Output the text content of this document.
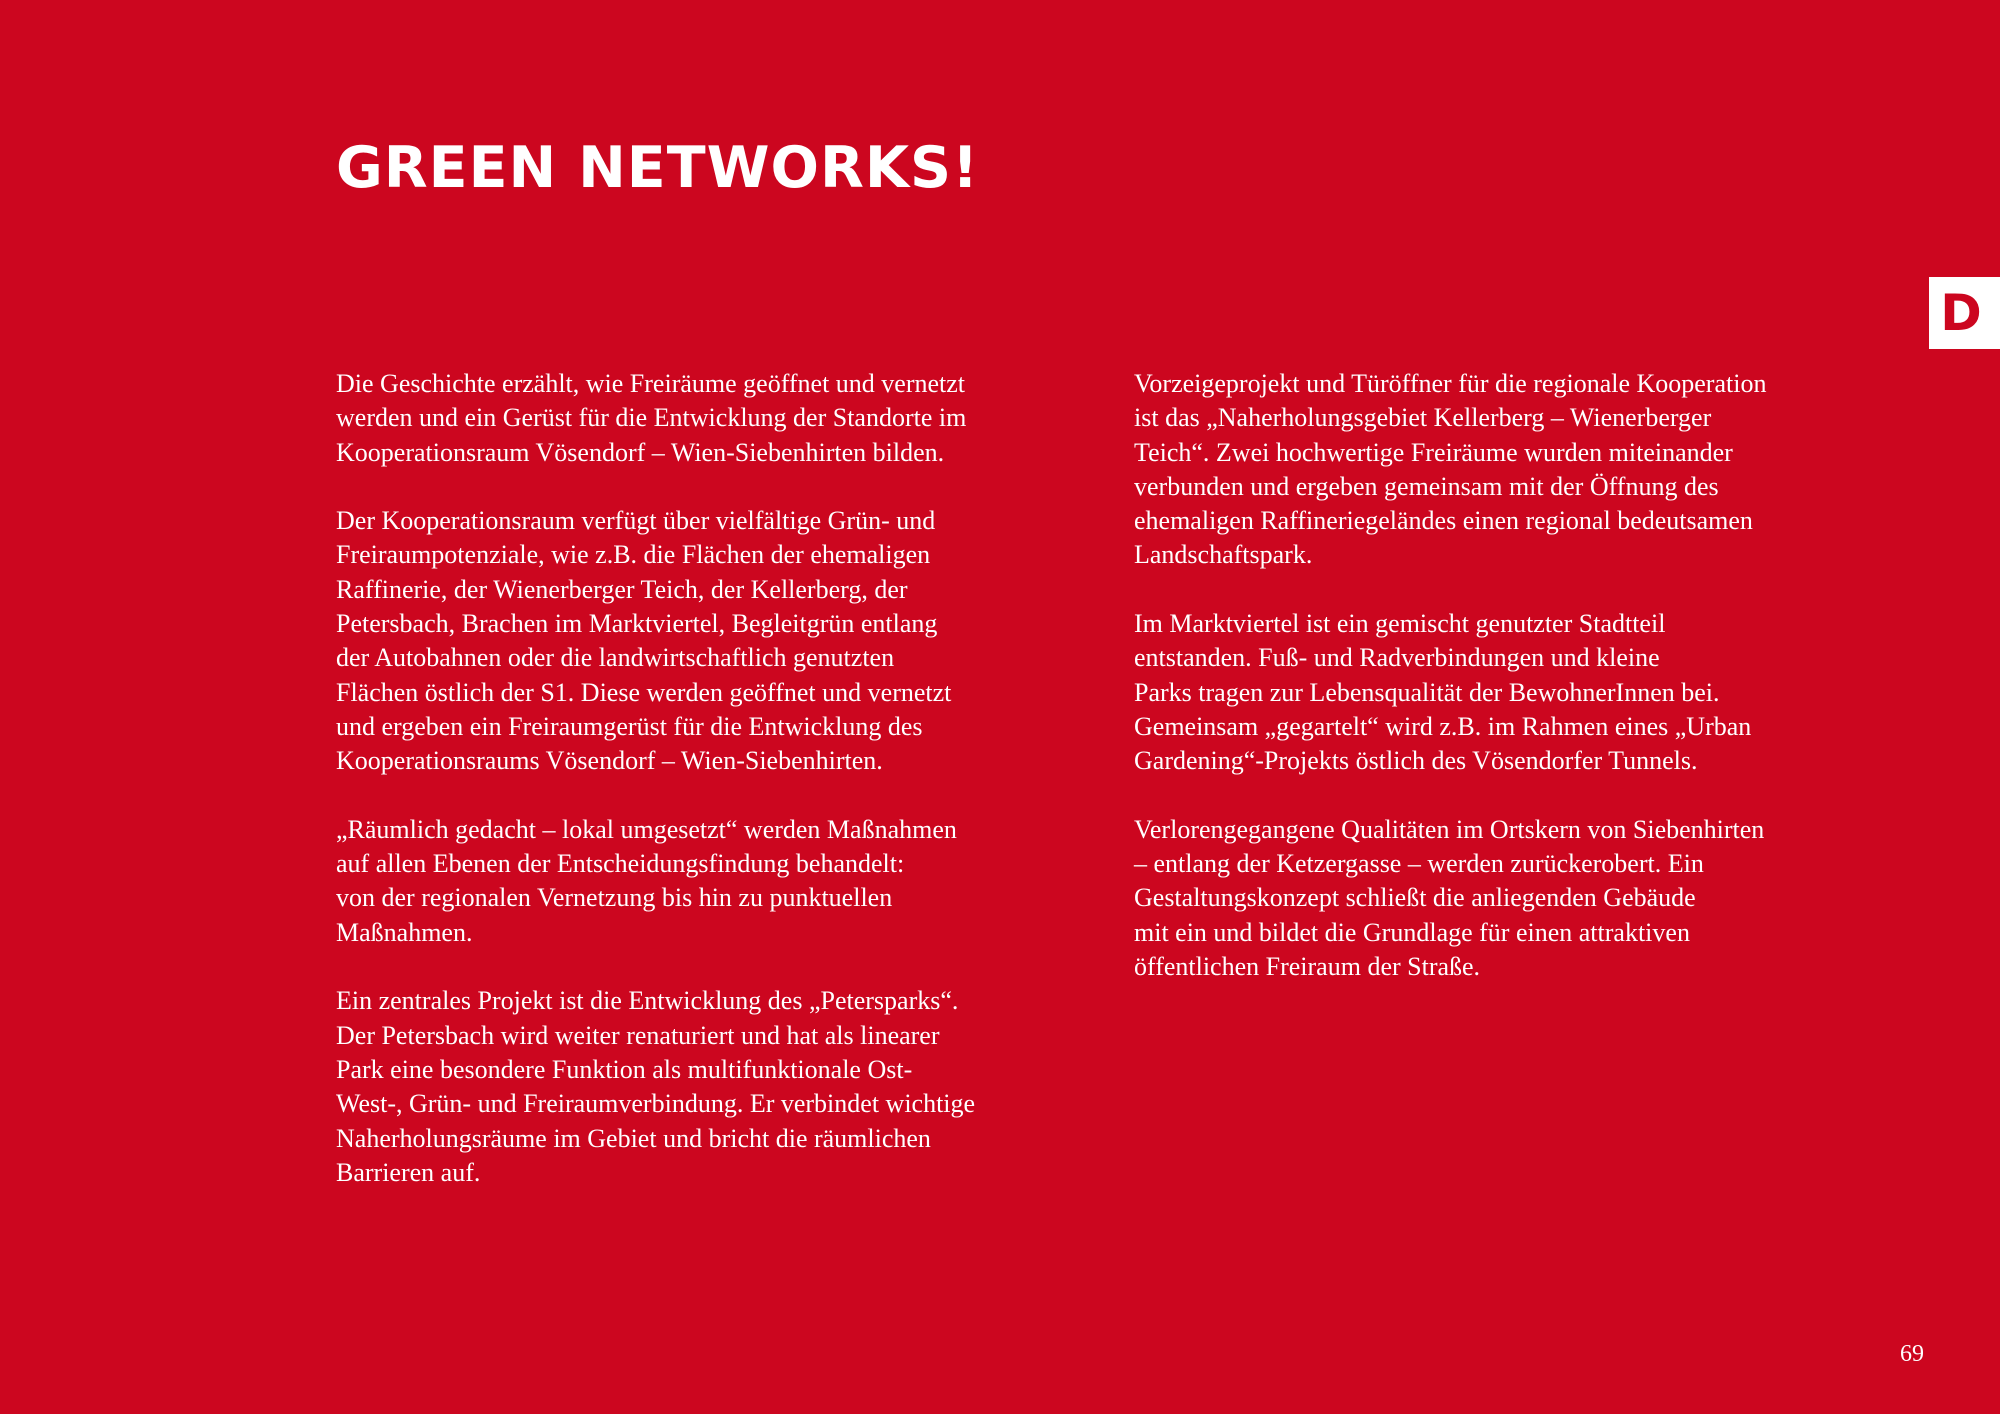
GREEN NETWORKS!
D

Die Geschichte erzählt, wie Freiräume geöffnet und vernetzt
werden und ein Gerüst für die Entwicklung der Standorte im
Kooperationsraum Vösendorf – Wien-Siebenhirten bilden.

Der Kooperationsraum verfügt über vielfältige Grün- und
Freiraumpotenziale, wie z.B. die Flächen der ehemaligen
Raffinerie, der Wienerberger Teich, der Kellerberg, der
Petersbach, Brachen im Marktviertel, Begleitgrün entlang
der Autobahnen oder die landwirtschaftlich genutzten
Flächen östlich der S1. Diese werden geöffnet und vernetzt
und ergeben ein Freiraumgerüst für die Entwicklung des
Kooperationsraums Vösendorf – Wien-Siebenhirten.

„Räumlich gedacht – lokal umgesetzt“ werden Maßnahmen
auf allen Ebenen der Entscheidungsfindung behandelt:
von der regionalen Vernetzung bis hin zu punktuellen
Maßnahmen.

Ein zentrales Projekt ist die Entwicklung des „Petersparks“.
Der Petersbach wird weiter renaturiert und hat als linearer
Park eine besondere Funktion als multifunktionale Ost-
West-, Grün- und Freiraumverbindung. Er verbindet wichtige
Naherholungsräume im Gebiet und bricht die räumlichen
Barrieren auf.

Vorzeigeprojekt und Türöffner für die regionale Kooperation
ist das „Naherholungsgebiet Kellerberg – Wienerberger
Teich“. Zwei hochwertige Freiräume wurden miteinander
verbunden und ergeben gemeinsam mit der Öffnung des
ehemaligen Raffineriegeländes einen regional bedeutsamen
Landschaftspark.

Im Marktviertel ist ein gemischt genutzter Stadtteil
entstanden. Fuß- und Radverbindungen und kleine
Parks tragen zur Lebensqualität der BewohnerInnen bei.
Gemeinsam „gegartelt“ wird z.B. im Rahmen eines „Urban
Gardening“-Projekts östlich des Vösendorfer Tunnels.

Verlorengegangene Qualitäten im Ortskern von Siebenhirten
– entlang der Ketzergasse – werden zurückerobert. Ein
Gestaltungskonzept schließt die anliegenden Gebäude
mit ein und bildet die Grundlage für einen attraktiven
öffentlichen Freiraum der Straße.

69
